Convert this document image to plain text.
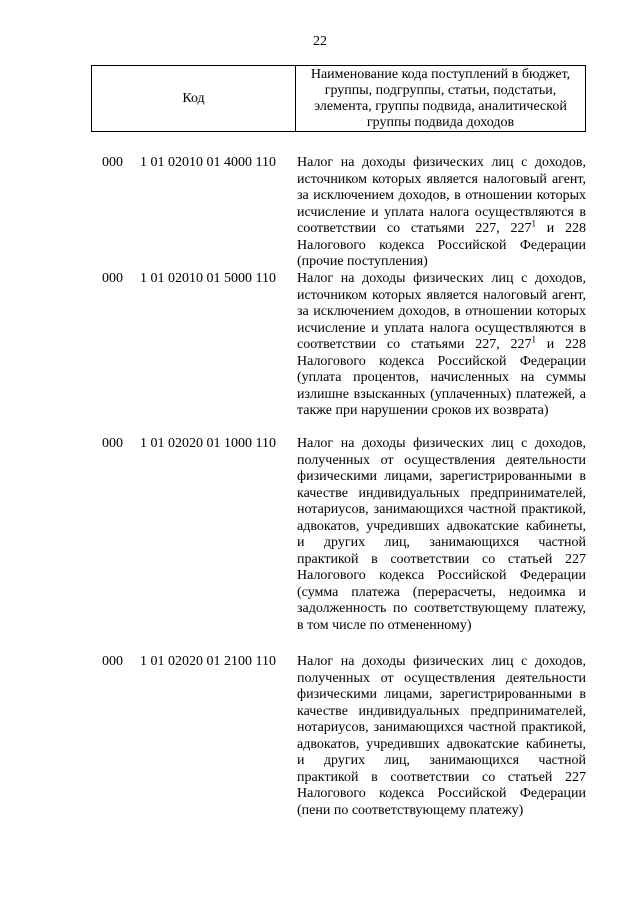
22
Код
Наименование кода поступлений в бюджет, группы, подгруппы, статьи, подстатьи, элемента, группы подвида, аналитической группы подвида доходов
000 1 01 02010 01 4000 110 Налог на доходы физических лиц с доходов, источником которых является налоговый агент, за исключением доходов, в отношении которых исчисление и уплата налога осуществляются в соответствии со статьями 227, $227^1$ и 228 Налогового кодекса Российской Федерации (прочие поступления)
000 1 01 02010 01 5000 110 Налог на доходы физических лиц с доходов, источником которых является налоговый агент, за исключением доходов, в отношении которых исчисление и уплата налога осуществляются в соответствии со статьями 227, $227^1$ и 228 Налогового кодекса Российской Федерации (уплата процентов, начисленных на суммы излишне взысканных (уплаченных) платежей, а также при нарушении сроков их возврата)
000 1 01 02020 01 1000 110 Налог на доходы физических лиц с доходов, полученных от осуществления деятельности физическими лицами, зарегистрированными в качестве индивидуальных предпринимателей, нотариусов, занимающихся частной практикой, адвокатов, учредивших адвокатские кабинеты, и других лиц, занимающихся частной практикой в соответствии со статьей 227 Налогового кодекса Российской Федерации (сумма платежа (перерасчеты, недоимка и задолженность по соответствующему платежу, в том числе по отмененному)
000 1 01 02020 01 2100 110 Налог на доходы физических лиц с доходов, полученных от осуществления деятельности физическими лицами, зарегистрированными в качестве индивидуальных предпринимателей, нотариусов, занимающихся частной практикой, адвокатов, учредивших адвокатские кабинеты, и других лиц, занимающихся частной практикой в соответствии со статьей 227 Налогового кодекса Российской Федерации (пени по соответствующему платежу)
